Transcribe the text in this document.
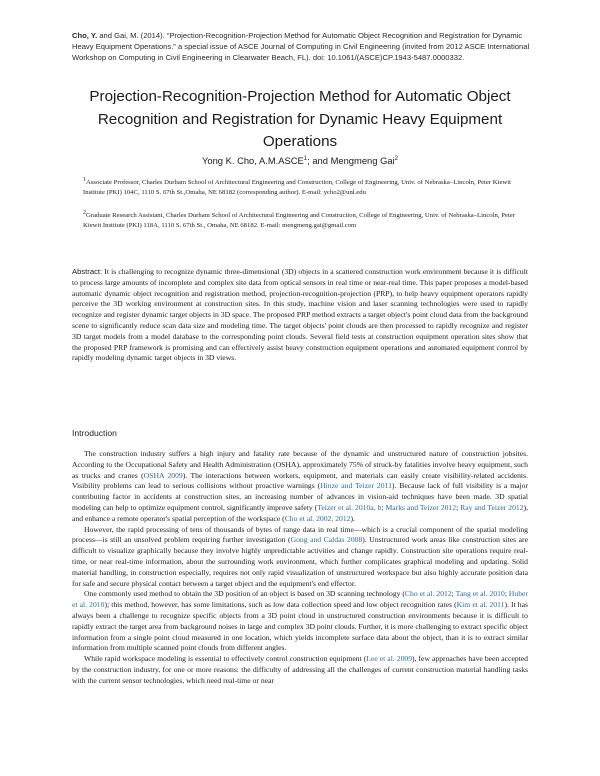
Cho, Y. and Gai, M. (2014). “Projection-Recognition-Projection Method for Automatic Object Recognition and Registration for Dynamic Heavy Equipment Operations.” a special issue of ASCE Journal of Computing in Civil Engineering (invited from 2012 ASCE International Workshop on Computing in Civil Engineering in Clearwater Beach, FL). doi: 10.1061/(ASCE)CP.1943-5487.0000332.
Projection-Recognition-Projection Method for Automatic Object Recognition and Registration for Dynamic Heavy Equipment Operations
Yong K. Cho, A.M.ASCE$^1$; and Mengmeng Gai$^2$
$^1$Associate Professor, Charles Durham School of Architectural Engineering and Construction, College of Engineering, Univ. of Nebraska–Lincoln, Peter Kiewit Institute (PKI) 104C, 1110 S. 67th St.,Omaha, NE 68182 (corresponding author). E-mail: ycho2@unl.edu
$^2$Graduate Research Assistant, Charles Durham School of Architectural Engineering and Construction, College of Engineering, Univ. of Nebraska–Lincoln, Peter Kiewit Institute (PKI) 118A, 1110 S. 67th St., Omaha, NE 68182. E-mail: mengmeng.gai@gmail.com
Abstract: It is challenging to recognize dynamic three-dimensional (3D) objects in a scattered construction work environment because it is difficult to process large amounts of incomplete and complex site data from optical sensors in real time or near-real time. This paper proposes a model-based automatic dynamic object recognition and registration method, projection-recognition-projection (PRP), to help heavy equipment operators rapidly perceive the 3D working environment at construction sites. In this study, machine vision and laser scanning technologies were used to rapidly recognize and register dynamic target objects in 3D space. The proposed PRP method extracts a target object's point cloud data from the background scene to significantly reduce scan data size and modeling time. The target objects' point clouds are then processed to rapidly recognize and register 3D target models from a model database to the corresponding point clouds. Several field tests at construction equipment operation sites show that the proposed PRP framework is promising and can effectively assist heavy construction equipment operations and automated equipment control by rapidly modeling dynamic target objects in 3D views.
Introduction

The construction industry suffers a high injury and fatality rate because of the dynamic and unstructured nature of construction jobsites. According to the Occupational Safety and Health Administration (OSHA), approximately 75% of struck-by fatalities involve heavy equipment, such as trucks and cranes (OSHA 2009). The interactions between workers, equipment, and materials can easily create visibility-related accidents. Visibility problems can lead to serious collisions without proactive warnings (Hinze and Teizer 2011). Because lack of full visibility is a major contributing factor in accidents at construction sites, an increasing number of advances in vision-aid techniques have been made. 3D spatial modeling can help to optimize equipment control, significantly improve safety (Teizer et al. 2010a, b; Marks and Teizer 2012; Ray and Teizer 2012), and enhance a remote operator's spatial perception of the workspace (Cho et al. 2002, 2012).

However, the rapid processing of tens of thousands of bytes of range data in real time—which is a crucial component of the spatial modeling process—is still an unsolved problem requiring further investigation (Gong and Caldas 2008). Unstructured work areas like construction sites are difficult to visualize graphically because they involve highly unpredictable activities and change rapidly. Construction site operations require real-time, or near real-time information, about the surrounding work environment, which further complicates graphical modeling and updating. Solid material handling, in construction especially, requires not only rapid visualization of unstructured workspace but also highly accurate position data for safe and secure physical contact between a target object and the equipment's end effector.

One commonly used method to obtain the 3D position of an object is based on 3D scanning technology (Cho et al. 2012; Tang et al. 2010; Huber et al. 2010); this method, however, has some limitations, such as low data collection speed and low object recognition rates (Kim et al. 2011). It has always been a challenge to recognize specific objects from a 3D point cloud in unstructured construction environments because it is difficult to rapidly extract the target area from background noises in large and complex 3D point clouds. Further, it is more challenging to extract specific object information from a single point cloud measured in one location, which yields incomplete surface data about the object, than it is to extract similar information from multiple scanned point clouds from different angles.

While rapid workspace modeling is essential to effectively control construction equipment (Lee et al. 2009), few approaches have been accepted by the construction industry, for one or more reasons: the difficulty of addressing all the challenges of current construction material handling tasks with the current sensor technologies, which need real-time or near
